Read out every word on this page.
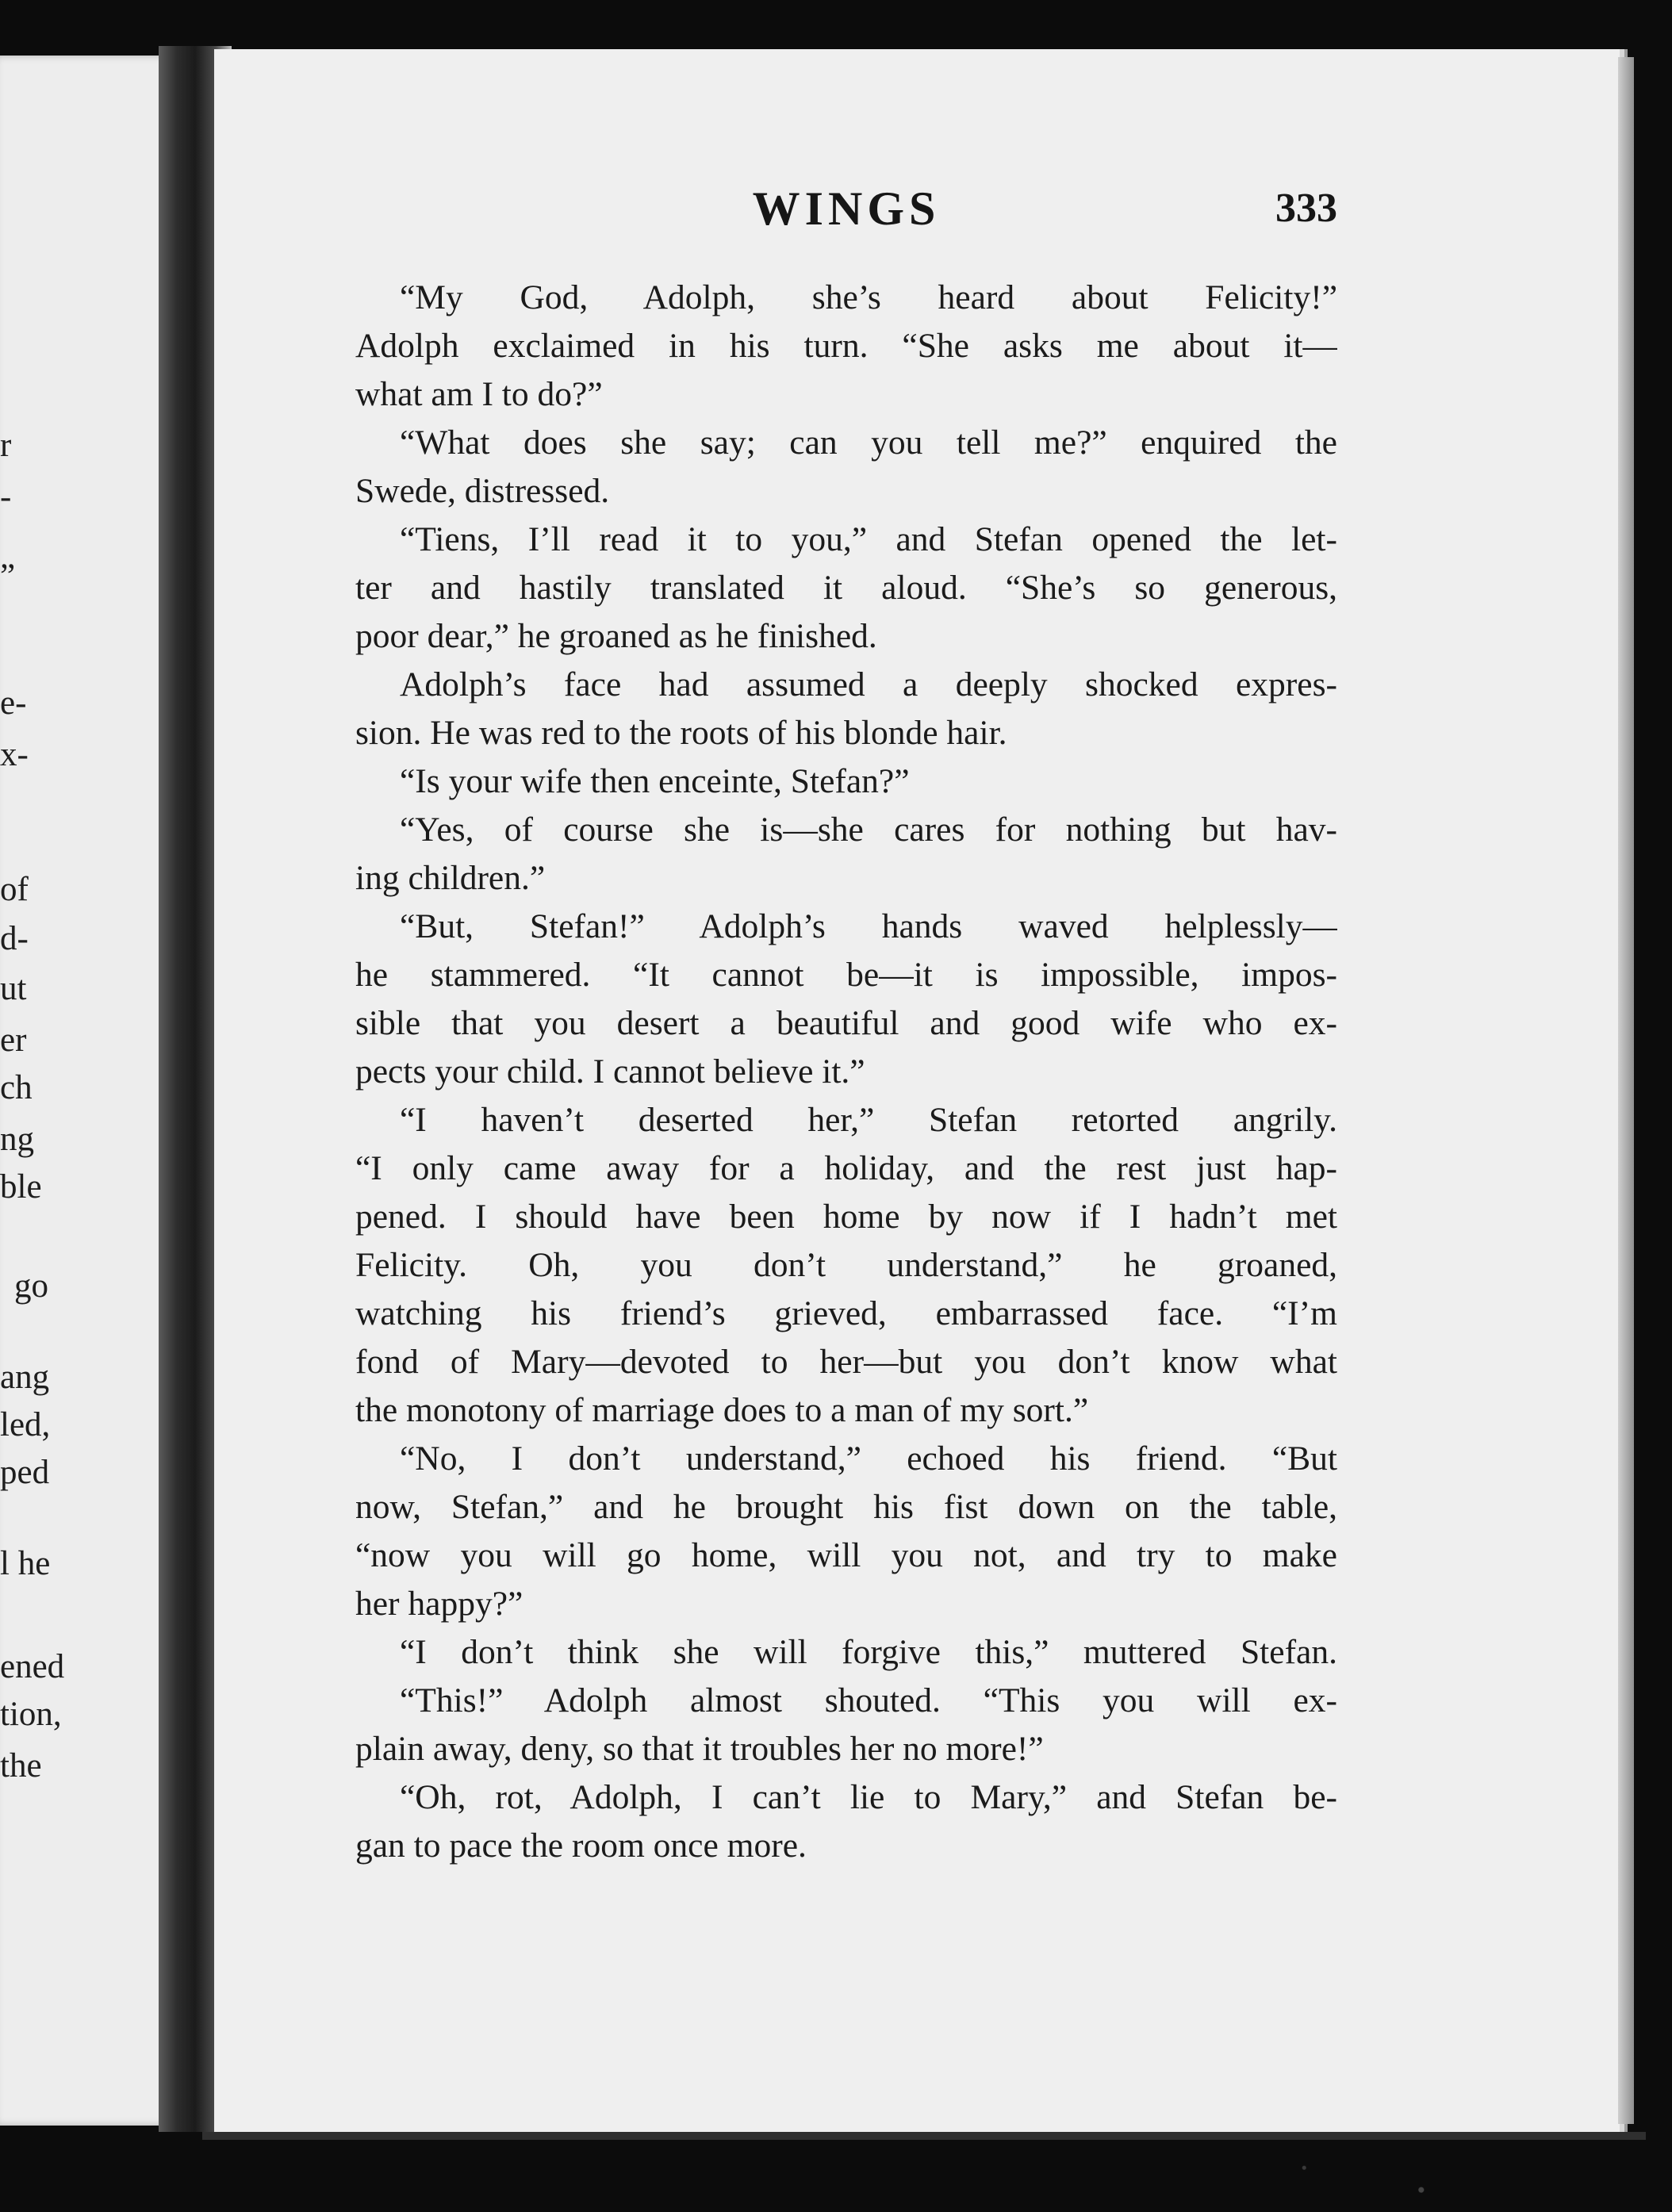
r
-
”
e-
x-
of
d-
ut
er
ch
ng
ble
go
ang
led,
ped
l he
ened
tion,
the
WINGS	333
“My God, Adolph, she’s heard about Felicity!”
Adolph exclaimed in his turn. “She asks me about it—
what am I to do?”
“What does she say; can you tell me?” enquired the
Swede, distressed.
“Tiens, I’ll read it to you,” and Stefan opened the let-
ter and hastily translated it aloud. “She’s so generous,
poor dear,” he groaned as he finished.
Adolph’s face had assumed a deeply shocked expres-
sion. He was red to the roots of his blonde hair.
“Is your wife then enceinte, Stefan?”
“Yes, of course she is—she cares for nothing but hav-
ing children.”
“But, Stefan!” Adolph’s hands waved helplessly—
he stammered. “It cannot be—it is impossible, impos-
sible that you desert a beautiful and good wife who ex-
pects your child. I cannot believe it.”
“I haven’t deserted her,” Stefan retorted angrily.
“I only came away for a holiday, and the rest just hap-
pened. I should have been home by now if I hadn’t met
Felicity. Oh, you don’t understand,” he groaned,
watching his friend’s grieved, embarrassed face. “I’m
fond of Mary—devoted to her—but you don’t know what
the monotony of marriage does to a man of my sort.”
“No, I don’t understand,” echoed his friend. “But
now, Stefan,” and he brought his fist down on the table,
“now you will go home, will you not, and try to make
her happy?”
“I don’t think she will forgive this,” muttered Stefan.
“This!” Adolph almost shouted. “This you will ex-
plain away, deny, so that it troubles her no more!”
“Oh, rot, Adolph, I can’t lie to Mary,” and Stefan be-
gan to pace the room once more.
